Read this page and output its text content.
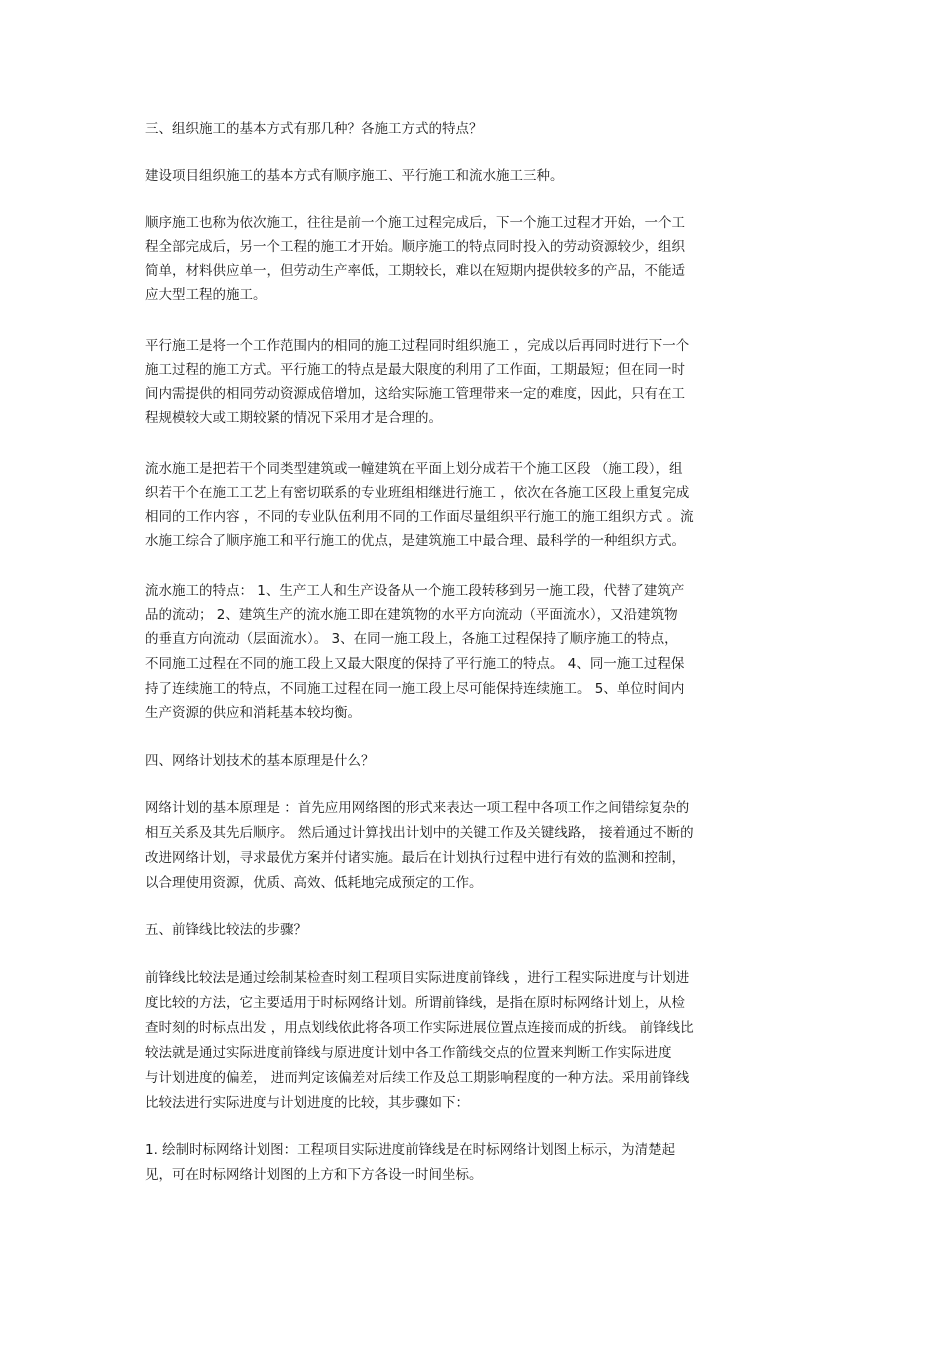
三、组织施工的基本方式有那几种？各施工方式的特点？
建设项目组织施工的基本方式有顺序施工、平行施工和流水施工三种。
顺序施工也称为依次施工，往往是前一个施工过程完成后，下一个施工过程才开始，一个工
程全部完成后，另一个工程的施工才开始。顺序施工的特点同时投入的劳动资源较少，组织
简单，材料供应单一，但劳动生产率低，工期较长，难以在短期内提供较多的产品，不能适
应大型工程的施工。
平行施工是将一个工作范围内的相同的施工过程同时组织施工 ，完成以后再同时进行下一个
施工过程的施工方式。平行施工的特点是最大限度的利用了工作面，工期最短；但在同一时
间内需提供的相同劳动资源成倍增加，这给实际施工管理带来一定的难度，因此，只有在工
程规模较大或工期较紧的情况下采用才是合理的。
流水施工是把若干个同类型建筑或一幢建筑在平面上划分成若干个施工区段 （施工段），组
织若干个在施工工艺上有密切联系的专业班组相继进行施工 ，依次在各施工区段上重复完成
相同的工作内容 ，不同的专业队伍利用不同的工作面尽量组织平行施工的施工组织方式 。流
水施工综合了顺序施工和平行施工的优点，是建筑施工中最合理、最科学的一种组织方式。
流水施工的特点： 1、生产工人和生产设备从一个施工段转移到另一施工段，代替了建筑产
品的流动； 2、建筑生产的流水施工即在建筑物的水平方向流动（平面流水），又沿建筑物
的垂直方向流动（层面流水）。 3、在同一施工段上，各施工过程保持了顺序施工的特点，
不同施工过程在不同的施工段上又最大限度的保持了平行施工的特点。 4、同一施工过程保
持了连续施工的特点，不同施工过程在同一施工段上尽可能保持连续施工。 5、单位时间内
生产资源的供应和消耗基本较均衡。
四、网络计划技术的基本原理是什么？
网络计划的基本原理是 ：首先应用网络图的形式来表达一项工程中各项工作之间错综复杂的
相互关系及其先后顺序。 然后通过计算找出计划中的关键工作及关键线路， 接着通过不断的
改进网络计划，寻求最优方案并付诸实施。最后在计划执行过程中进行有效的监测和控制，
以合理使用资源，优质、高效、低耗地完成预定的工作。
五、前锋线比较法的步骤？
前锋线比较法是通过绘制某检查时刻工程项目实际进度前锋线 ，进行工程实际进度与计划进
度比较的方法，它主要适用于时标网络计划。所谓前锋线，是指在原时标网络计划上，从检
查时刻的时标点出发 ，用点划线依此将各项工作实际进展位置点连接而成的折线。 前锋线比
较法就是通过实际进度前锋线与原进度计划中各工作箭线交点的位置来判断工作实际进度
与计划进度的偏差， 进而判定该偏差对后续工作及总工期影响程度的一种方法。采用前锋线
比较法进行实际进度与计划进度的比较，其步骤如下：
1. 绘制时标网络计划图：工程项目实际进度前锋线是在时标网络计划图上标示，为清楚起
见，可在时标网络计划图的上方和下方各设一时间坐标。
